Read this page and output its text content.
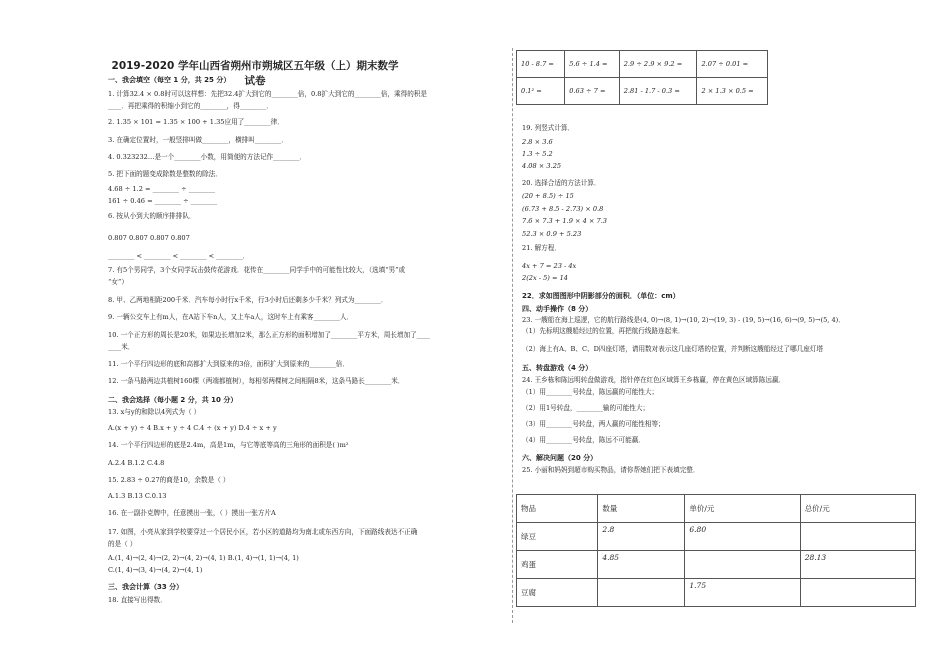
2019-2020 学年山西省朔州市朔城区五年级（上）期末数学试卷
一、我会填空（每空 1 分，共 25 分）
1. 计算32.4 × 0.8时可以这样想：先把32.4扩大到它的________倍，0.8扩大到它的________倍，乘得的积是
____．再把乘得的积缩小到它的________，得________．
2. 1.35 × 101 = 1.35 × 100 + 1.35应用了________律．
3. 在确定位置时，一般竖排叫做________，横排叫________．
4. 0.323232…是一个________小数，用简便的方法记作________．
5. 把下面的题变成除数是整数的除法．
4.68 ÷ 1.2 = ________ ÷ ________
161 ÷ 0.46 = ________ ÷ ________
6. 按从小到大的顺序排排队．
0.807 0.807 0.807 0.807
________ < ________ < ________ < ________．
7. 有5个男同学，3个女同学玩击鼓传花游戏．花传在________同学手中的可能性比较大，（选填“男”或
“女”）
8. 甲、乙两地相距200千米．汽车每小时行x千米，行3小时后还剩多少千米？列式为________．
9. 一辆公交车上有m人，在A站下车n人，又上车a人，这时车上有乘客________人．
10. 一个正方形的周长是20米，如果边长增加2米，那么正方形的面积增加了________平方米，周长增加了____
____米．
11. 一个平行四边形的底和高都扩大到原来的3倍，面积扩大到原来的________倍．
12. 一条马路两边共植树160棵（两端都植树），每相邻两棵树之间相隔8米，这条马路长________米．
二、我会选择（每小题 2 分，共 10 分）
13. x与y的和除以4列式为（ ）
A.(x + y) ÷ 4 B.x + y ÷ 4 C.4 ÷ (x + y) D.4 ÷ x + y
14. 一个平行四边形的底是2.4m，高是1m，与它等底等高的三角形的面积是( )m²
A.2.4 B.1.2 C.4.8
15. 2.83 ÷ 0.27的商是10，余数是（ ）
A.1.3 B.13 C.0.13
16. 在一副扑克牌中，任意摸出一张，（ ）摸出一张方片A
17. 如图，小亮从家到学校要穿过一个居民小区，若小区的道路均为南北或东西方向，下面路线表达不正确
的是（ ）
A.(1, 4)→(2, 4)→(2, 2)→(4, 2)→(4, 1) B.(1, 4)→(1, 1)→(4, 1)
C.(1, 4)→(3, 4)→(4, 2)→(4, 1)
三、我会计算（33 分）
18. 直接写出得数．
10 - 8.7 =	5.6 ÷ 1.4 =	2.9 ÷ 2.9 × 9.2 =	2.07 ÷ 0.01 =
0.1² =	0.63 ÷ 7 =	2.81 - 1.7 - 0.3 =	2 × 1.3 × 0.5 =
19. 列竖式计算．
2.8 × 3.6
1.3 ÷ 5.2
4.08 × 3.25
20. 选择合适的方法计算．
(20 + 8.5) ÷ 15
(6.73 + 8.5 - 2.73) × 0.8
7.6 × 7.3 + 1.9 × 4 × 7.3
52.3 × 0.9 + 5.23
21. 解方程．
4x + 7 = 23 - 4x
2(2x - 5) = 14
22．求如图图形中阴影部分的面积．（单位：cm）
四、动手操作（8 分）
23. 一艘船在海上巡逻，它的航行路线是(4, 0)→(8, 1)→(10, 2)→(19, 3) - (19, 5)→(16, 6)→(9, 5)→(5, 4)．
（1）先标明这艘船经过的位置，再把航行线路连起来．
（2）海上有A、B、C、D四座灯塔，请用数对表示这几座灯塔的位置，并判断这艘船经过了哪几座灯塔
五、转盘游戏（4 分）
24. 王乡栋和陈远明转盘做游戏，指针停在红色区域算王乡栋赢，停在黄色区域算陈远赢．
（1）用________号转盘，陈远赢的可能性大；
（2）用1号转盘，________输的可能性大；
（3）用________号转盘，两人赢的可能性相等；
（4）用________号转盘，陈远不可能赢．
六、解决问题（20 分）
25. 小丽和妈妈到超市购买物品，请你帮她们把下表填完整．
物品	数量	单价/元	总价/元
绿豆	2.8	6.80	
鸡蛋	4.85		28.13
豆腐		1.75	
